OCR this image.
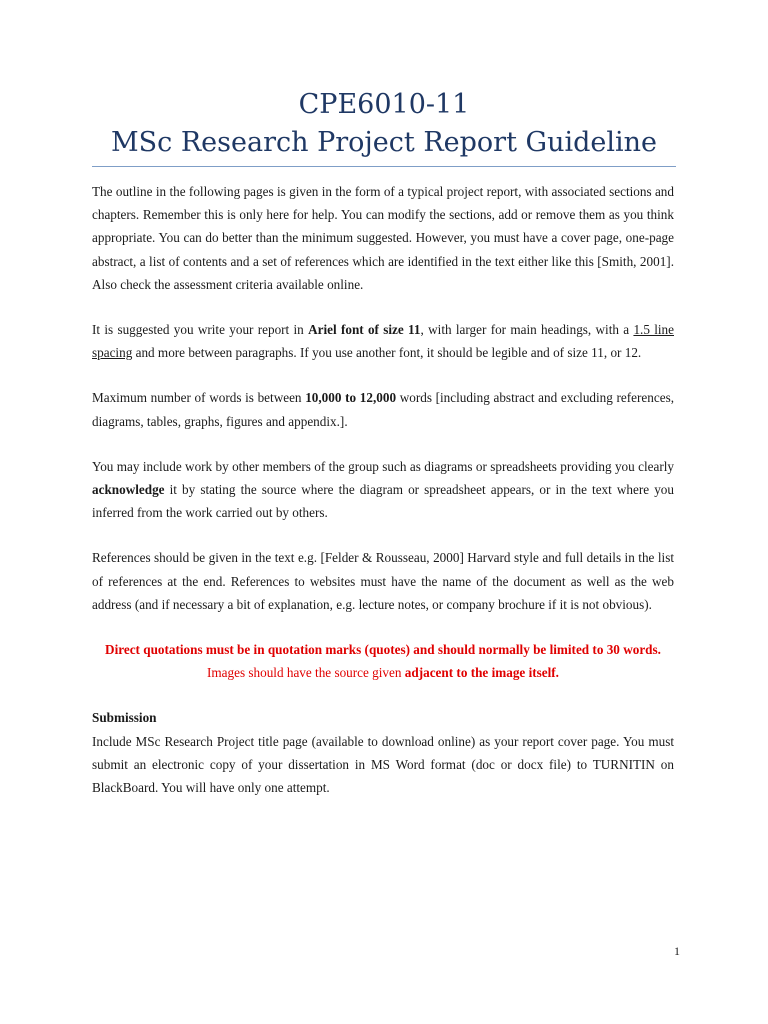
CPE6010-11
MSc Research Project Report Guideline

The outline in the following pages is given in the form of a typical project report, with associated sections and chapters. Remember this is only here for help. You can modify the sections, add or remove them as you think appropriate. You can do better than the minimum suggested. However, you must have a cover page, one-page abstract, a list of contents and a set of references which are identified in the text either like this [Smith, 2001]. Also check the assessment criteria available online.

It is suggested you write your report in Ariel font of size 11, with larger for main headings, with a 1.5 line spacing and more between paragraphs. If you use another font, it should be legible and of size 11, or 12.

Maximum number of words is between 10,000 to 12,000 words [including abstract and excluding references, diagrams, tables, graphs, figures and appendix.].

You may include work by other members of the group such as diagrams or spreadsheets providing you clearly acknowledge it by stating the source where the diagram or spreadsheet appears, or in the text where you inferred from the work carried out by others.

References should be given in the text e.g. [Felder & Rousseau, 2000] Harvard style and full details in the list of references at the end. References to websites must have the name of the document as well as the web address (and if necessary a bit of explanation, e.g. lecture notes, or company brochure if it is not obvious).

Direct quotations must be in quotation marks (quotes) and should normally be limited to 30 words.
Images should have the source given adjacent to the image itself.

Submission
Include MSc Research Project title page (available to download online) as your report cover page. You must submit an electronic copy of your dissertation in MS Word format (doc or docx file) to TURNITIN on BlackBoard. You will have only one attempt.

1
